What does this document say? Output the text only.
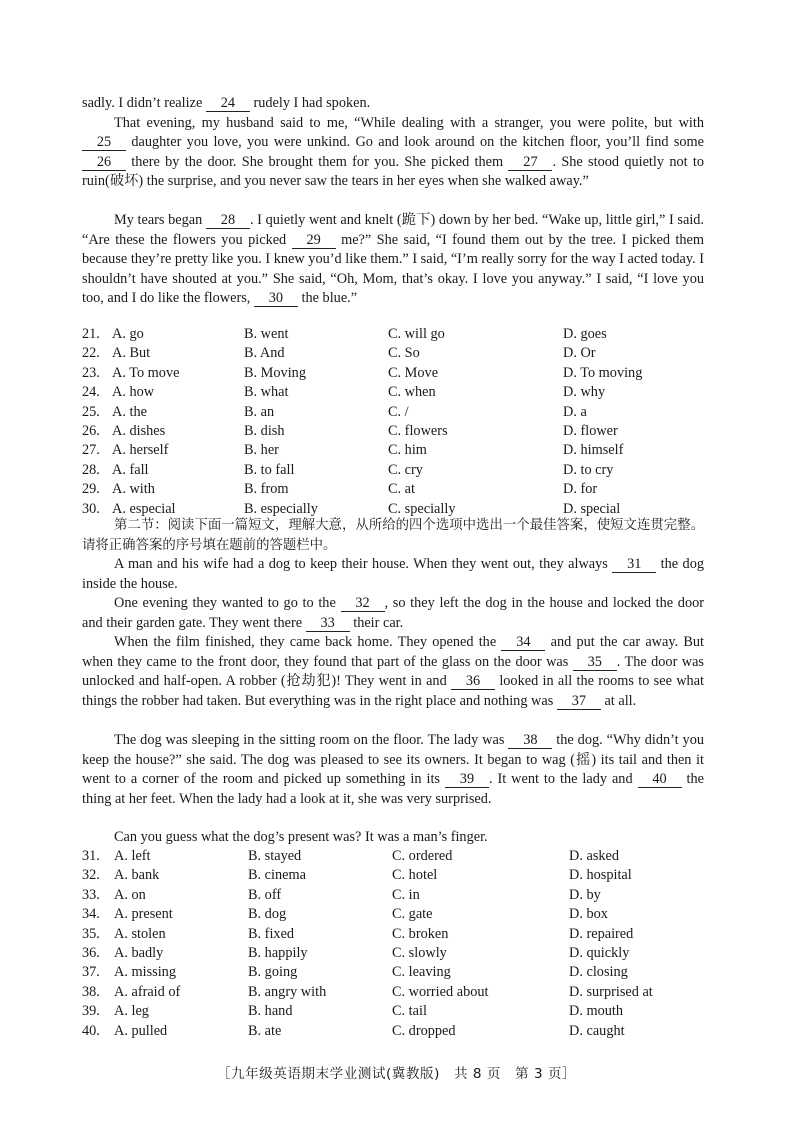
sadly. I didn’t realize 24 rudely I had spoken.

That evening, my husband said to me, “While dealing with a stranger, you were polite, but with 25 daughter you love, you were unkind. Go and look around on the kitchen floor, you’ll find some 26 there by the door. She brought them for you. She picked them 27 . She stood quietly not to ruin(破坏) the surprise, and you never saw the tears in her eyes when she walked away.”

My tears began 28 . I quietly went and knelt (跪下) down by her bed. “Wake up, little girl,” I said. “Are these the flowers you picked 29 me?” She said, “I found them out by the tree. I picked them because they’re pretty like you. I knew you’d like them.” I said, “I’m really sorry for the way I acted today. I shouldn’t have shouted at you.” She said, “Oh, Mom, that’s okay. I love you anyway.” I said, “I love you too, and I do like the flowers, 30 the blue.”

21. A. go	B. went	C. will go	D. goes
22. A. But	B. And	C. So	D. Or
23. A. To move	B. Moving	C. Move	D. To moving
24. A. how	B. what	C. when	D. why
25. A. the	B. an	C. /	D. a
26. A. dishes	B. dish	C. flowers	D. flower
27. A. herself	B. her	C. him	D. himself
28. A. fall	B. to fall	C. cry	D. to cry
29. A. with	B. from	C. at	D. for
30. A. especial	B. especially	C. specially	D. special

第二节：阅读下面一篇短文，理解大意，从所给的四个选项中选出一个最佳答案，使短文连贯完整。请将正确答案的序号填在题前的答题栏中。

A man and his wife had a dog to keep their house. When they went out, they always 31 the dog inside the house.

One evening they wanted to go to the 32 , so they left the dog in the house and locked the door and their garden gate. They went there 33 their car.

When the film finished, they came back home. They opened the 34 and put the car away. But when they came to the front door, they found that part of the glass on the door was 35 . The door was unlocked and half-open. A robber (抢劫犯)! They went in and 36 looked in all the rooms to see what things the robber had taken. But everything was in the right place and nothing was 37 at all.

The dog was sleeping in the sitting room on the floor. The lady was 38 the dog. “Why didn’t you keep the house?” she said. The dog was pleased to see its owners. It began to wag (摇) its tail and then it went to a corner of the room and picked up something in its 39 . It went to the lady and 40 the thing at her feet. When the lady had a look at it, she was very surprised.

Can you guess what the dog’s present was? It was a man’s finger.

31. A. left	B. stayed	C. ordered	D. asked
32. A. bank	B. cinema	C. hotel	D. hospital
33. A. on	B. off	C. in	D. by
34. A. present	B. dog	C. gate	D. box
35. A. stolen	B. fixed	C. broken	D. repaired
36. A. badly	B. happily	C. slowly	D. quickly
37. A. missing	B. going	C. leaving	D. closing
38. A. afraid of	B. angry with	C. worried about	D. surprised at
39. A. leg	B. hand	C. tail	D. mouth
40. A. pulled	B. ate	C. dropped	D. caught
［九年级英语期末学业测试(冀教版)　共 8 页　第 3 页］
